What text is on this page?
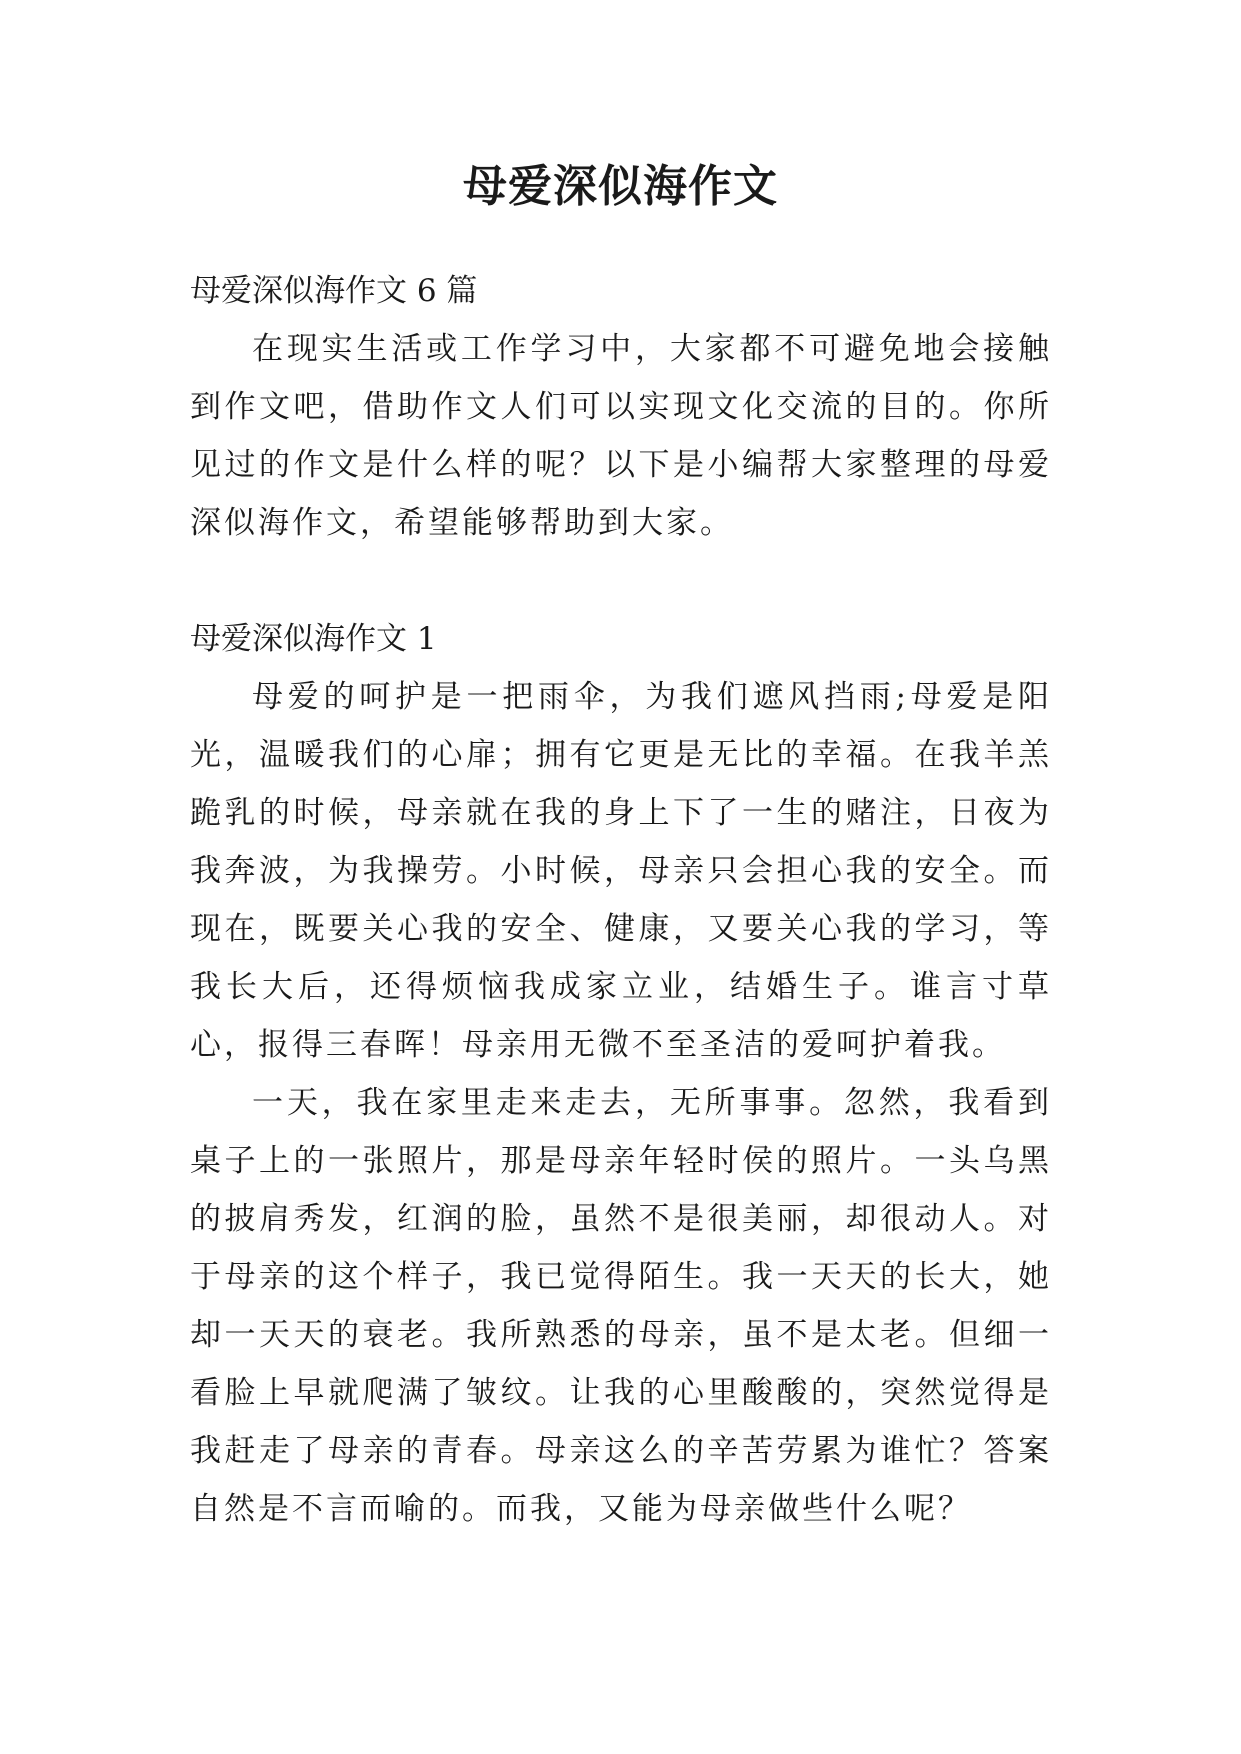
母爱深似海作文

母爱深似海作文 6 篇

在现实生活或工作学习中，大家都不可避免地会接触到作文吧，借助作文人们可以实现文化交流的目的。你所见过的作文是什么样的呢？以下是小编帮大家整理的母爱深似海作文，希望能够帮助到大家。

母爱深似海作文 1

母爱的呵护是一把雨伞，为我们遮风挡雨;母爱是阳光，温暖我们的心扉；拥有它更是无比的幸福。在我羊羔跪乳的时候，母亲就在我的身上下了一生的赌注，日夜为我奔波，为我操劳。小时候，母亲只会担心我的安全。而现在，既要关心我的安全、健康，又要关心我的学习，等我长大后，还得烦恼我成家立业，结婚生子。谁言寸草心，报得三春晖！母亲用无微不至圣洁的爱呵护着我。

一天，我在家里走来走去，无所事事。忽然，我看到桌子上的一张照片，那是母亲年轻时侯的照片。一头乌黑的披肩秀发，红润的脸，虽然不是很美丽，却很动人。对于母亲的这个样子，我已觉得陌生。我一天天的长大，她却一天天的衰老。我所熟悉的母亲，虽不是太老。但细一看脸上早就爬满了皱纹。让我的心里酸酸的，突然觉得是我赶走了母亲的青春。母亲这么的辛苦劳累为谁忙？答案自然是不言而喻的。而我，又能为母亲做些什么呢？
